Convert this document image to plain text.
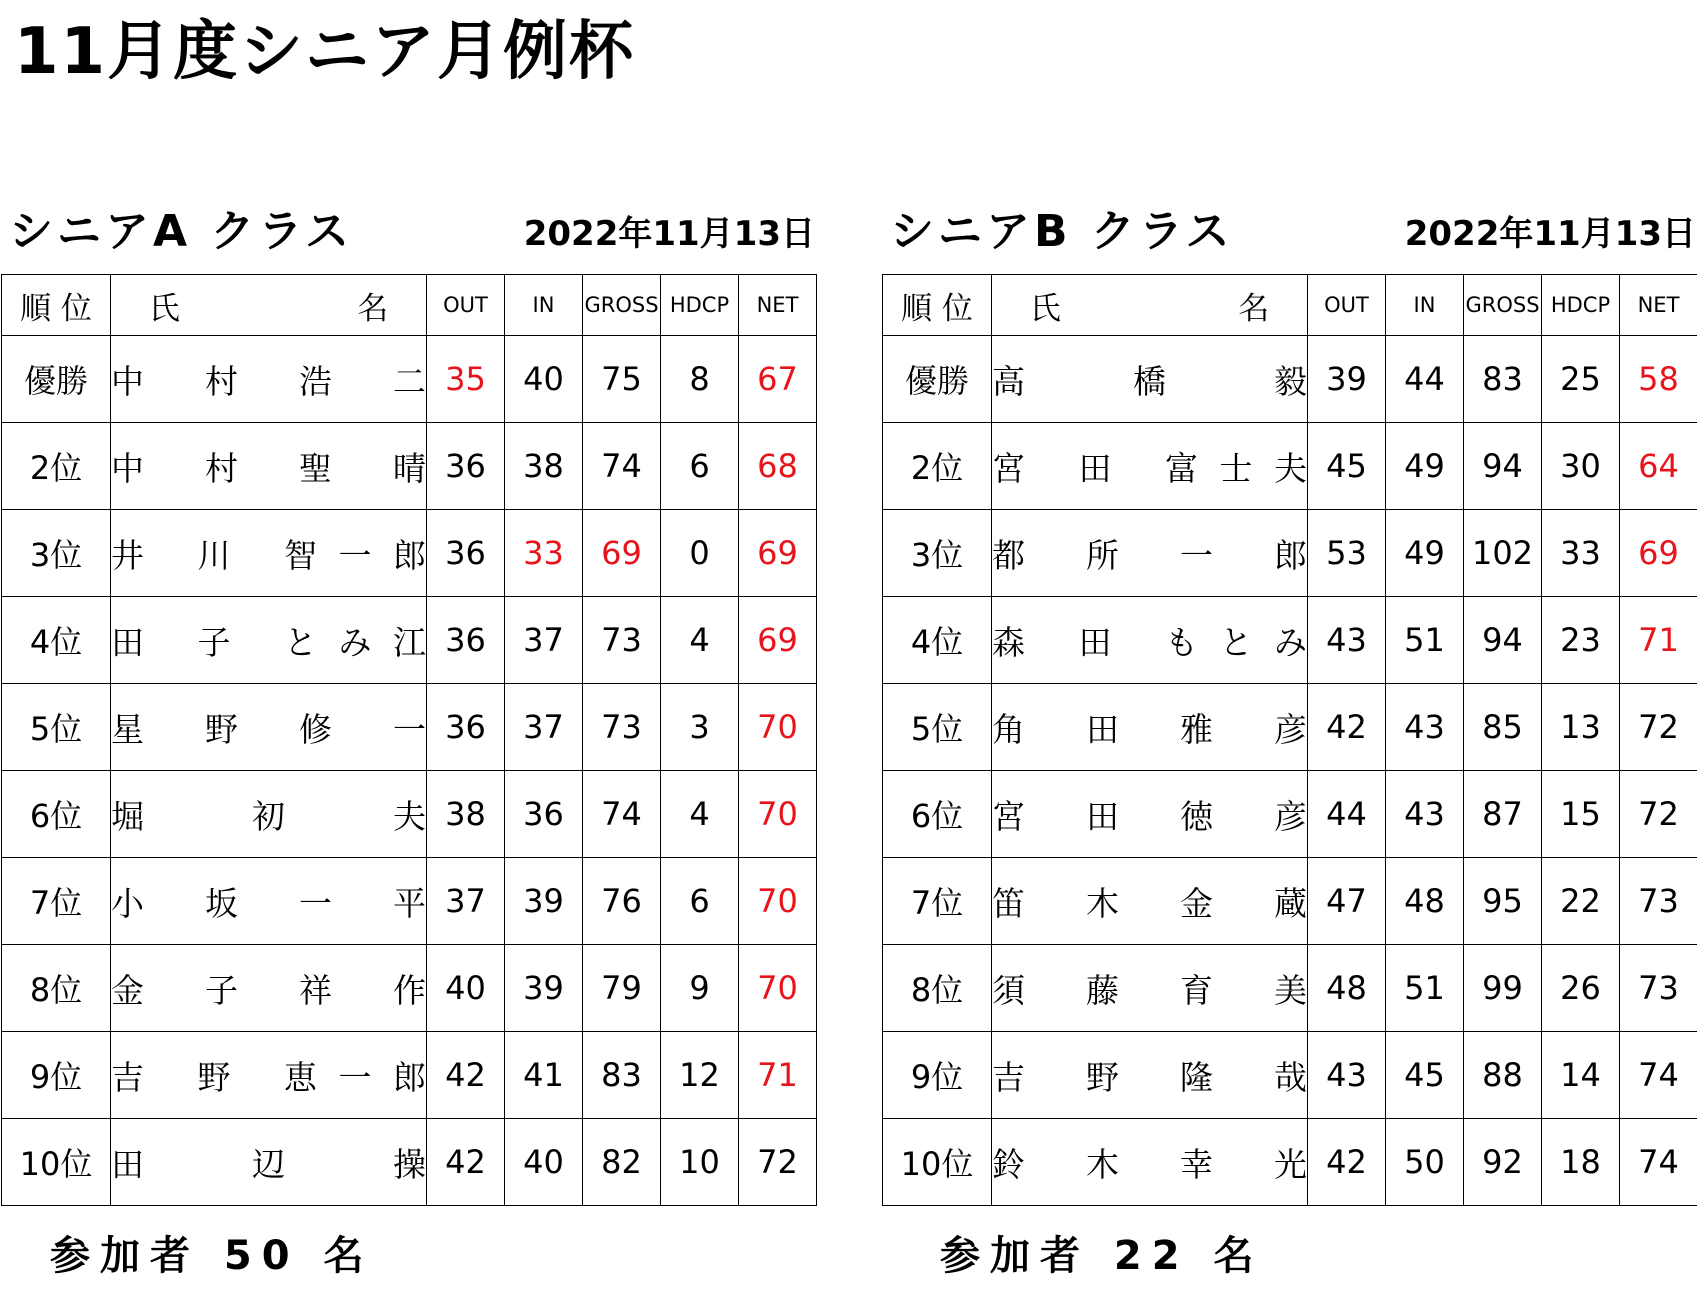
11月度シニア月例杯
シニアA クラス	2022年11月13日
順 位	氏 名	OUT	IN	GROSS	HDCP	NET
優勝	中 村 浩 二	35	40	75	8	67
2位	中 村 聖 晴	36	38	74	6	68
3位	井 川 智一郎	36	33	69	0	69
4位	田 子 とみ江	36	37	73	4	69
5位	星 野 修 一	36	37	73	3	70
6位	堀 初 夫	38	36	74	4	70
7位	小 坂 一 平	37	39	76	6	70
8位	金 子 祥 作	40	39	79	9	70
9位	吉 野 恵一郎	42	41	83	12	71
10位	田 辺 操	42	40	82	10	72
シニアB クラス	2022年11月13日
順 位	氏 名	OUT	IN	GROSS	HDCP	NET
優勝	高 橋 毅	39	44	83	25	58
2位	宮 田 富士夫	45	49	94	30	64
3位	都 所 一 郎	53	49	102	33	69
4位	森 田 もとみ	43	51	94	23	71
5位	角 田 雅 彦	42	43	85	13	72
6位	宮 田 徳 彦	44	43	87	15	72
7位	笛 木 金 蔵	47	48	95	22	73
8位	須 藤 育 美	48	51	99	26	73
9位	吉 野 隆 哉	43	45	88	14	74
10位	鈴 木 幸 光	42	50	92	18	74
参加者 50 名	参加者 22 名
